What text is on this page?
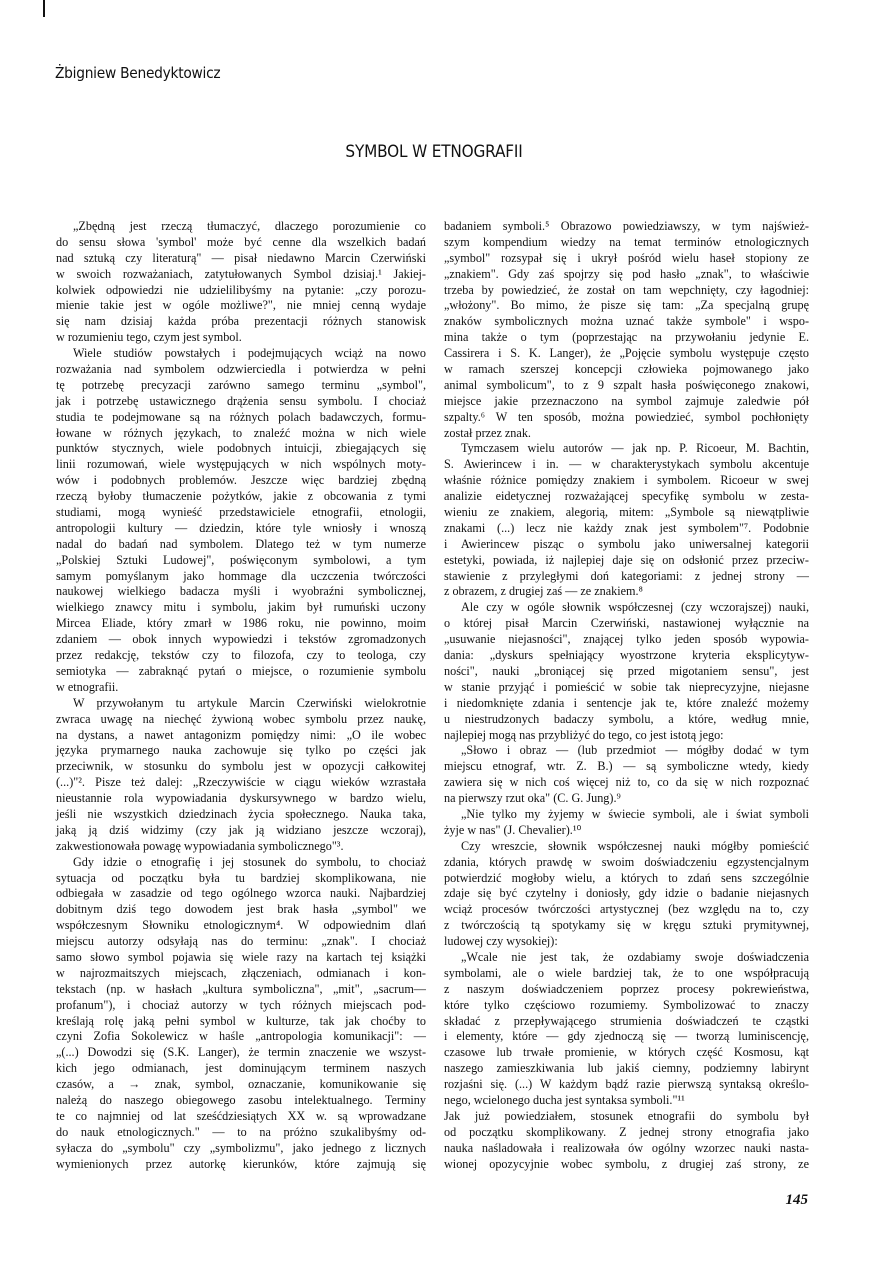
Żbigniew Benedyktowicz
SYMBOL W ETNOGRAFII
„Zbędną jest rzeczą tłumaczyć, dlaczego porozumienie co
do sensu słowa 'symbol' może być cenne dla wszelkich badań
nad sztuką czy literaturą" — pisał niedawno Marcin Czerwiński
w swoich rozważaniach, zatytułowanych Symbol dzisiaj.¹ Jakiej-
kolwiek odpowiedzi nie udzielilibyśmy na pytanie: „czy porozu-
mienie takie jest w ogóle możliwe?", nie mniej cenną wydaje
się nam dzisiaj każda próba prezentacji różnych stanowisk
w rozumieniu tego, czym jest symbol.
Wiele studiów powstałych i podejmujących wciąż na nowo
rozważania nad symbolem odzwierciedla i potwierdza w pełni
tę potrzebę precyzacji zarówno samego terminu „symbol",
jak i potrzebę ustawicznego drążenia sensu symbolu. I chociaż
studia te podejmowane są na różnych polach badawczych, formu-
łowane w różnych językach, to znaleźć można w nich wiele
punktów stycznych, wiele podobnych intuicji, zbiegających się
linii rozumowań, wiele występujących w nich wspólnych moty-
wów i podobnych problemów. Jeszcze więc bardziej zbędną
rzeczą byłoby tłumaczenie pożytków, jakie z obcowania z tymi
studiami, mogą wynieść przedstawiciele etnografii, etnologii,
antropologii kultury — dziedzin, które tyle wniosły i wnoszą
nadal do badań nad symbolem. Dlatego też w tym numerze
„Polskiej Sztuki Ludowej", poświęconym symbolowi, a tym
samym pomyślanym jako hommage dla uczczenia twórczości
naukowej wielkiego badacza myśli i wyobraźni symbolicznej,
wielkiego znawcy mitu i symbolu, jakim był rumuński uczony
Mircea Eliade, który zmarł w 1986 roku, nie powinno, moim
zdaniem — obok innych wypowiedzi i tekstów zgromadzonych
przez redakcję, tekstów czy to filozofa, czy to teologa, czy
semiotyka — zabraknąć pytań o miejsce, o rozumienie symbolu
w etnografii.
W przywołanym tu artykule Marcin Czerwiński wielokrotnie
zwraca uwagę na niechęć żywioną wobec symbolu przez naukę,
na dystans, a nawet antagonizm pomiędzy nimi: „O ile wobec
języka prymarnego nauka zachowuje się tylko po części jak
przeciwnik, w stosunku do symbolu jest w opozycji całkowitej
(...)"². Pisze też dalej: „Rzeczywiście w ciągu wieków wzrastała
nieustannie rola wypowiadania dyskursywnego w bardzo wielu,
jeśli nie wszystkich dziedzinach życia społecznego. Nauka taka,
jaką ją dziś widzimy (czy jak ją widziano jeszcze wczoraj),
zakwestionowała powagę wypowiadania symbolicznego"³.
Gdy idzie o etnografię i jej stosunek do symbolu, to chociaż
sytuacja od początku była tu bardziej skomplikowana, nie
odbiegała w zasadzie od tego ogólnego wzorca nauki. Najbardziej
dobitnym dziś tego dowodem jest brak hasła „symbol" we
współczesnym Słowniku etnologicznym⁴. W odpowiednim dlań
miejscu autorzy odsyłają nas do terminu: „znak". I chociaż
samo słowo symbol pojawia się wiele razy na kartach tej książki
w najrozmaitszych miejscach, złączeniach, odmianach i kon-
tekstach (np. w hasłach „kultura symboliczna", „mit", „sacrum—
profanum"), i chociaż autorzy w tych różnych miejscach pod-
kreślają rolę jaką pełni symbol w kulturze, tak jak choćby to
czyni Zofia Sokolewicz w haśle „antropologia komunikacji": —
„(...) Dowodzi się (S.K. Langer), że termin znaczenie we wszyst-
kich jego odmianach, jest dominującym terminem naszych
czasów, a → znak, symbol, oznaczanie, komunikowanie się
należą do naszego obiegowego zasobu intelektualnego. Terminy
te co najmniej od lat sześćdziesiątych XX w. są wprowadzane
do nauk etnologicznych." — to na próżno szukalibyśmy od-
syłacza do „symbolu" czy „symbolizmu", jako jednego z licznych
wymienionych przez autorkę kierunków, które zajmują się
badaniem symboli.⁵ Obrazowo powiedziawszy, w tym najśwież-
szym kompendium wiedzy na temat terminów etnologicznych
„symbol" rozsypał się i ukrył pośród wielu haseł stopiony ze
„znakiem". Gdy zaś spojrzy się pod hasło „znak", to właściwie
trzeba by powiedzieć, że został on tam wepchnięty, czy łagodniej:
„włożony". Bo mimo, że pisze się tam: „Za specjalną grupę
znaków symbolicznych można uznać także symbole" i wspo-
mina także o tym (poprzestając na przywołaniu jedynie E.
Cassirera i S. K. Langer), że „Pojęcie symbolu występuje często
w ramach szerszej koncepcji człowieka pojmowanego jako
animal symbolicum", to z 9 szpalt hasła poświęconego znakowi,
miejsce jakie przeznaczono na symbol zajmuje zaledwie pół
szpalty.⁶ W ten sposób, można powiedzieć, symbol pochłonięty
został przez znak.
Tymczasem wielu autorów — jak np. P. Ricoeur, M. Bachtin,
S. Awierincew i in. — w charakterystykach symbolu akcentuje
właśnie różnice pomiędzy znakiem i symbolem. Ricoeur w swej
analizie eidetycznej rozważającej specyfikę symbolu w zesta-
wieniu ze znakiem, alegorią, mitem: „Symbole są niewątpliwie
znakami (...) lecz nie każdy znak jest symbolem"⁷. Podobnie
i Awierincew pisząc o symbolu jako uniwersalnej kategorii
estetyki, powiada, iż najlepiej daje się on odsłonić przez przeciw-
stawienie z przyległymi doń kategoriami: z jednej strony —
z obrazem, z drugiej zaś — ze znakiem.⁸
Ale czy w ogóle słownik współczesnej (czy wczorajszej) nauki,
o której pisał Marcin Czerwiński, nastawionej wyłącznie na
„usuwanie niejasności", znającej tylko jeden sposób wypowia-
dania: „dyskurs spełniający wyostrzone kryteria eksplicytyw-
ności", nauki „broniącej się przed migotaniem sensu", jest
w stanie przyjąć i pomieścić w sobie tak nieprecyzyjne, niejasne
i niedomknięte zdania i sentencje jak te, które znaleźć możemy
u niestrudzonych badaczy symbolu, a które, według mnie,
najlepiej mogą nas przybliżyć do tego, co jest istotą jego:
„Słowo i obraz — (lub przedmiot — mógłby dodać w tym
miejscu etnograf, wtr. Z. B.) — są symboliczne wtedy, kiedy
zawiera się w nich coś więcej niż to, co da się w nich rozpoznać
na pierwszy rzut oka" (C. G. Jung).⁹
„Nie tylko my żyjemy w świecie symboli, ale i świat symboli
żyje w nas" (J. Chevalier).¹⁰
Czy wreszcie, słownik współczesnej nauki mógłby pomieścić
zdania, których prawdę w swoim doświadczeniu egzystencjalnym
potwierdzić mogłoby wielu, a których to zdań sens szczególnie
zdaje się być czytelny i doniosły, gdy idzie o badanie niejasnych
wciąż procesów twórczości artystycznej (bez względu na to, czy
z twórczością tą spotykamy się w kręgu sztuki prymitywnej,
ludowej czy wysokiej):
„Wcale nie jest tak, że ozdabiamy swoje doświadczenia
symbolami, ale o wiele bardziej tak, że to one współpracują
z naszym doświadczeniem poprzez procesy pokrewieństwa,
które tylko częściowo rozumiemy. Symbolizować to znaczy
składać z przepływającego strumienia doświadczeń te cząstki
i elementy, które — gdy zjednoczą się — tworzą luminiscencję,
czasowe lub trwałe promienie, w których część Kosmosu, kąt
naszego zamieszkiwania lub jakiś ciemny, podziemny labirynt
rozjaśni się. (...) W każdym bądź razie pierwszą syntaksą określo-
nego, wcielonego ducha jest syntaksa symboli."¹¹
Jak już powiedziałem, stosunek etnografii do symbolu był
od początku skomplikowany. Z jednej strony etnografia jako
nauka naśladowała i realizowała ów ogólny wzorzec nauki nasta-
wionej opozycyjnie wobec symbolu, z drugiej zaś strony, ze
145
